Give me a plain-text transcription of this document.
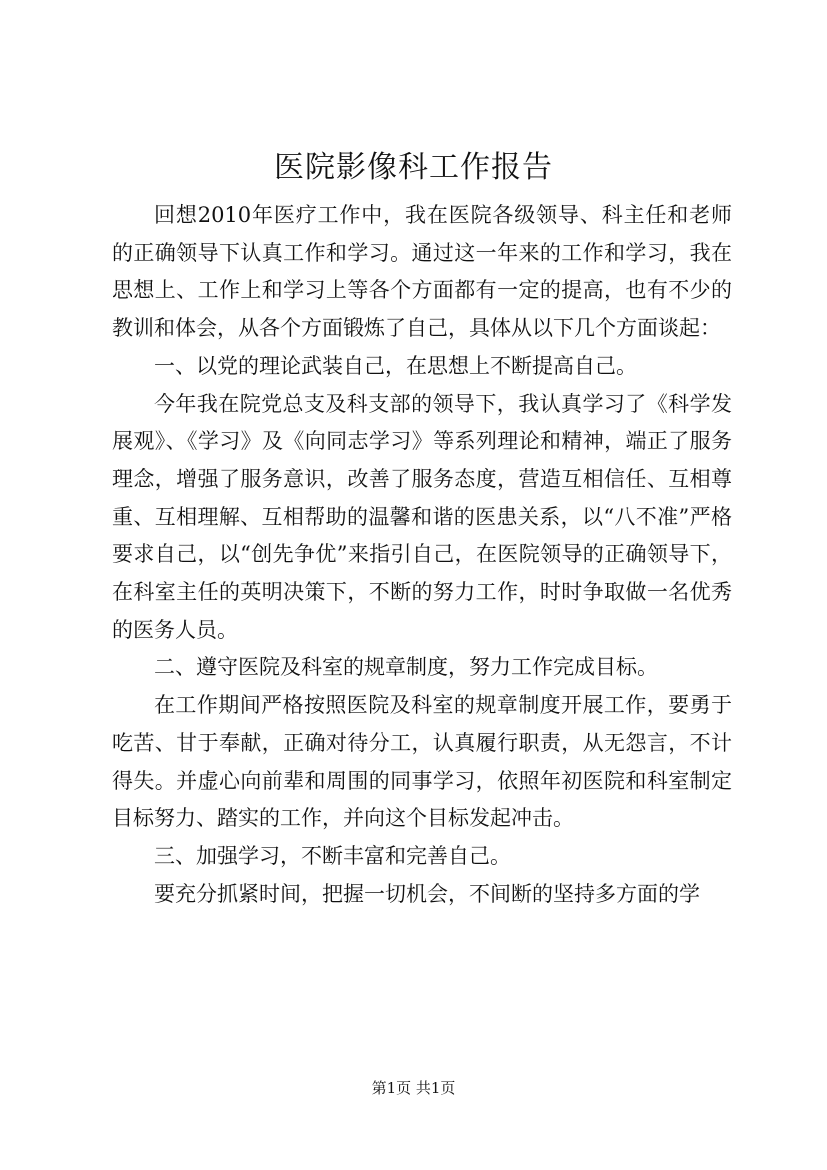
医院影像科工作报告

回想2010年医疗工作中，我在医院各级领导、科主任和老师的正确领导下认真工作和学习。通过这一年来的工作和学习，我在思想上、工作上和学习上等各个方面都有一定的提高，也有不少的教训和体会，从各个方面锻炼了自己，具体从以下几个方面谈起：

一、以党的理论武装自己，在思想上不断提高自己。

今年我在院党总支及科支部的领导下，我认真学习了《科学发展观》、《学习》及《向同志学习》等系列理论和精神，端正了服务理念，增强了服务意识，改善了服务态度，营造互相信任、互相尊重、互相理解、互相帮助的温馨和谐的医患关系，以“八不准”严格要求自己，以“创先争优”来指引自己，在医院领导的正确领导下，在科室主任的英明决策下，不断的努力工作，时时争取做一名优秀的医务人员。

二、遵守医院及科室的规章制度，努力工作完成目标。

在工作期间严格按照医院及科室的规章制度开展工作，要勇于吃苦、甘于奉献，正确对待分工，认真履行职责，从无怨言，不计得失。并虚心向前辈和周围的同事学习，依照年初医院和科室制定目标努力、踏实的工作，并向这个目标发起冲击。

三、加强学习，不断丰富和完善自己。

要充分抓紧时间，把握一切机会，不间断的坚持多方面的学

第1页 共1页
